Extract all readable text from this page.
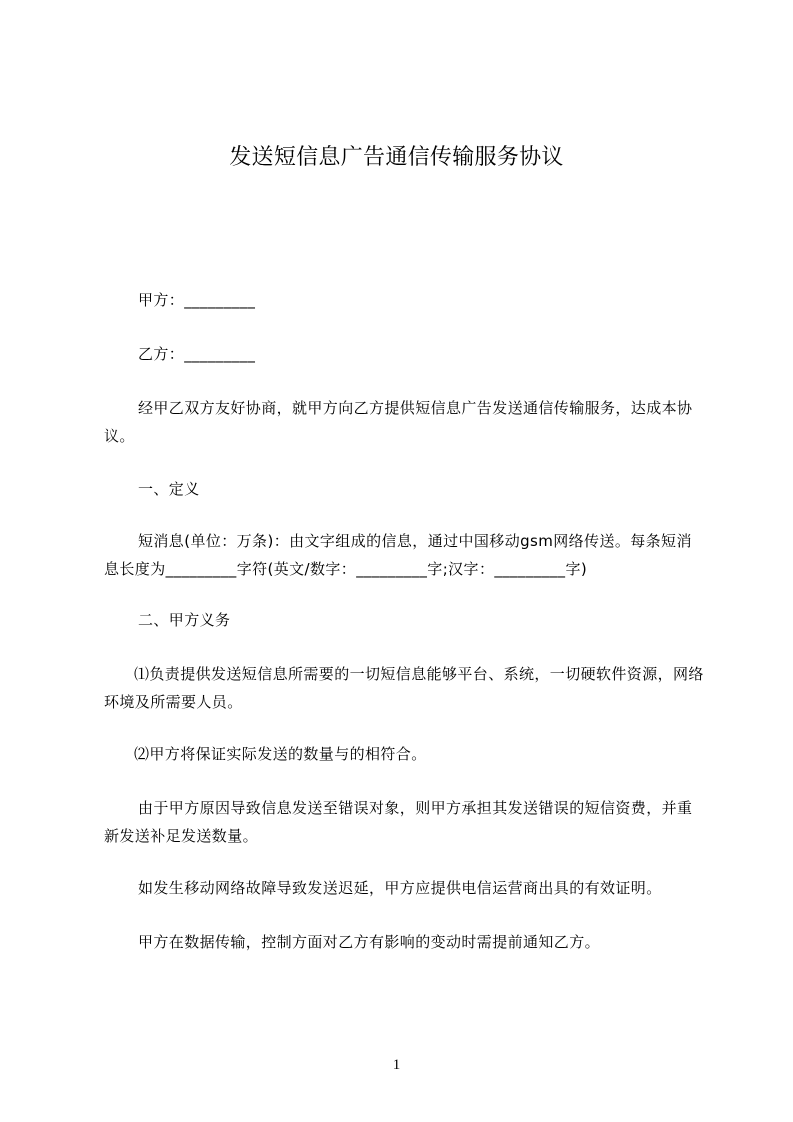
发送短信息广告通信传输服务协议

甲方：_________

乙方：_________

经甲乙双方友好协商，就甲方向乙方提供短信息广告发送通信传输服务，达成本协议。

一、定义

短消息(单位：万条)：由文字组成的信息，通过中国移动gsm网络传送。每条短消息长度为_________字符(英文/数字：_________字;汉字：_________字)

二、甲方义务

⑴负责提供发送短信息所需要的一切短信息能够平台、系统，一切硬软件资源，网络环境及所需要人员。

⑵甲方将保证实际发送的数量与的相符合。

由于甲方原因导致信息发送至错误对象，则甲方承担其发送错误的短信资费，并重新发送补足发送数量。

如发生移动网络故障导致发送迟延，甲方应提供电信运营商出具的有效证明。

甲方在数据传输，控制方面对乙方有影响的变动时需提前通知乙方。

1
